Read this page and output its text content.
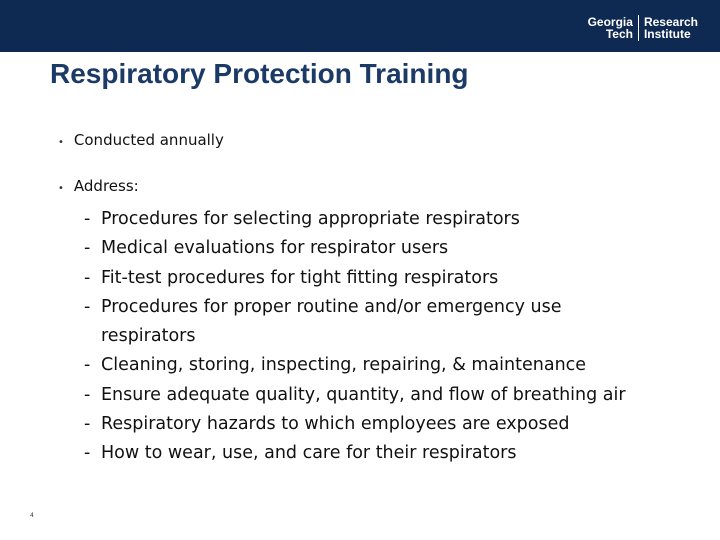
Georgia
Tech
Research
Institute
Respiratory Protection Training
• Conducted annually
• Address:
- Procedures for selecting appropriate respirators
- Medical evaluations for respirator users
- Fit-test procedures for tight fitting respirators
- Procedures for proper routine and/or emergency use respirators
- Cleaning, storing, inspecting, repairing, & maintenance
- Ensure adequate quality, quantity, and flow of breathing air
- Respiratory hazards to which employees are exposed
- How to wear, use, and care for their respirators
4
